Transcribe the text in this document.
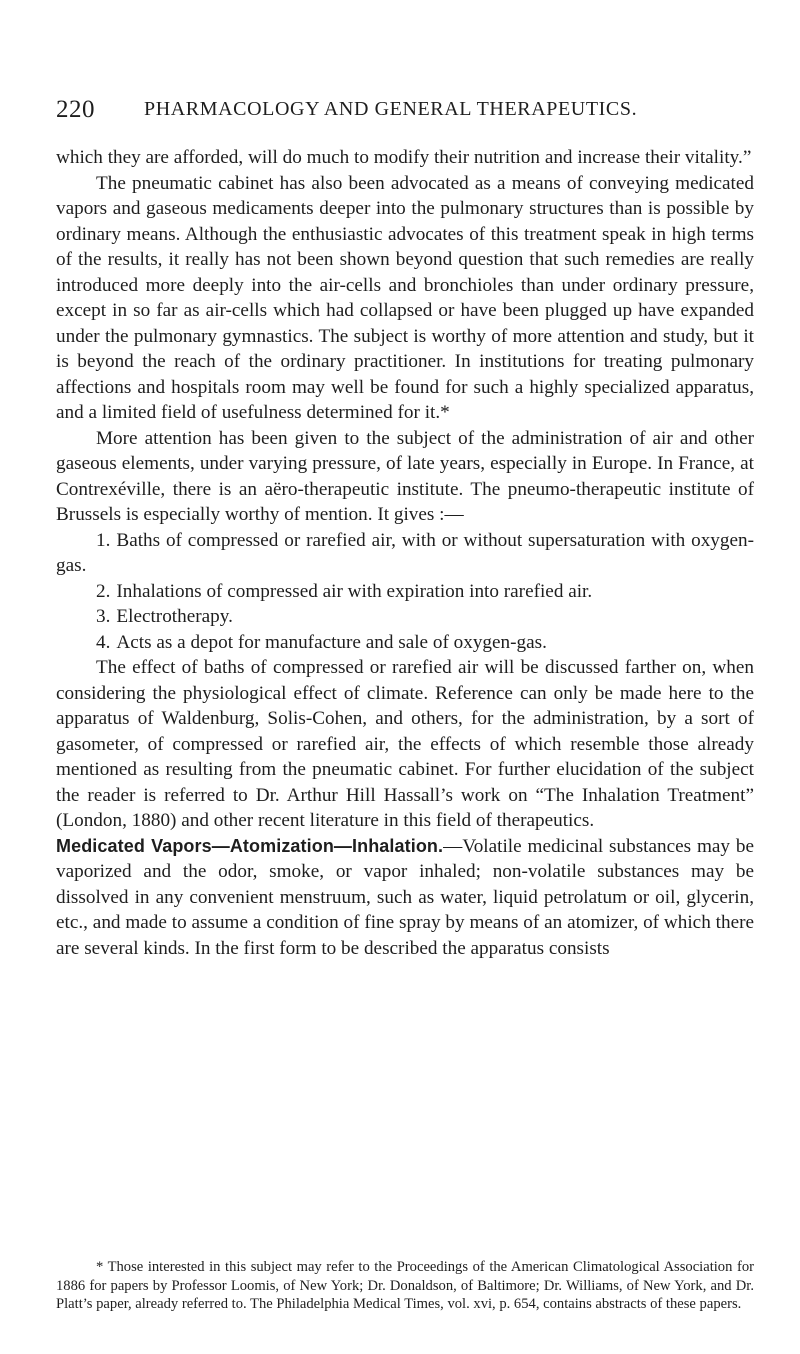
220 PHARMACOLOGY AND GENERAL THERAPEUTICS.

which they are afforded, will do much to modify their nutrition and increase their vitality.”

The pneumatic cabinet has also been advocated as a means of conveying medicated vapors and gaseous medicaments deeper into the pulmonary structures than is possible by ordinary means. Although the enthusiastic advocates of this treatment speak in high terms of the results, it really has not been shown beyond question that such remedies are really introduced more deeply into the air-cells and bronchioles than under ordinary pressure, except in so far as air-cells which had collapsed or have been plugged up have expanded under the pulmonary gymnastics. The subject is worthy of more attention and study, but it is beyond the reach of the ordinary practitioner. In institutions for treating pulmonary affections and hospitals room may well be found for such a highly specialized apparatus, and a limited field of usefulness determined for it.*

More attention has been given to the subject of the administration of air and other gaseous elements, under varying pressure, of late years, especially in Europe. In France, at Contrexéville, there is an aëro-therapeutic institute. The pneumo-therapeutic institute of Brussels is especially worthy of mention. It gives :—

1. Baths of compressed or rarefied air, with or without supersaturation with oxygen-gas.

2. Inhalations of compressed air with expiration into rarefied air.

3. Electrotherapy.

4. Acts as a depot for manufacture and sale of oxygen-gas.

The effect of baths of compressed or rarefied air will be discussed farther on, when considering the physiological effect of climate. Reference can only be made here to the apparatus of Waldenburg, Solis-Cohen, and others, for the administration, by a sort of gasometer, of compressed or rarefied air, the effects of which resemble those already mentioned as resulting from the pneumatic cabinet. For further elucidation of the subject the reader is referred to Dr. Arthur Hill Hassall’s work on “The Inhalation Treatment” (London, 1880) and other recent literature in this field of therapeutics.

Medicated Vapors—Atomization—Inhalation.—Volatile medicinal substances may be vaporized and the odor, smoke, or vapor inhaled; non-volatile substances may be dissolved in any convenient menstruum, such as water, liquid petrolatum or oil, glycerin, etc., and made to assume a condition of fine spray by means of an atomizer, of which there are several kinds. In the first form to be described the apparatus consists

* Those interested in this subject may refer to the Proceedings of the American Climatological Association for 1886 for papers by Professor Loomis, of New York; Dr. Donaldson, of Baltimore; Dr. Williams, of New York, and Dr. Platt’s paper, already referred to. The Philadelphia Medical Times, vol. xvi, p. 654, contains abstracts of these papers.
